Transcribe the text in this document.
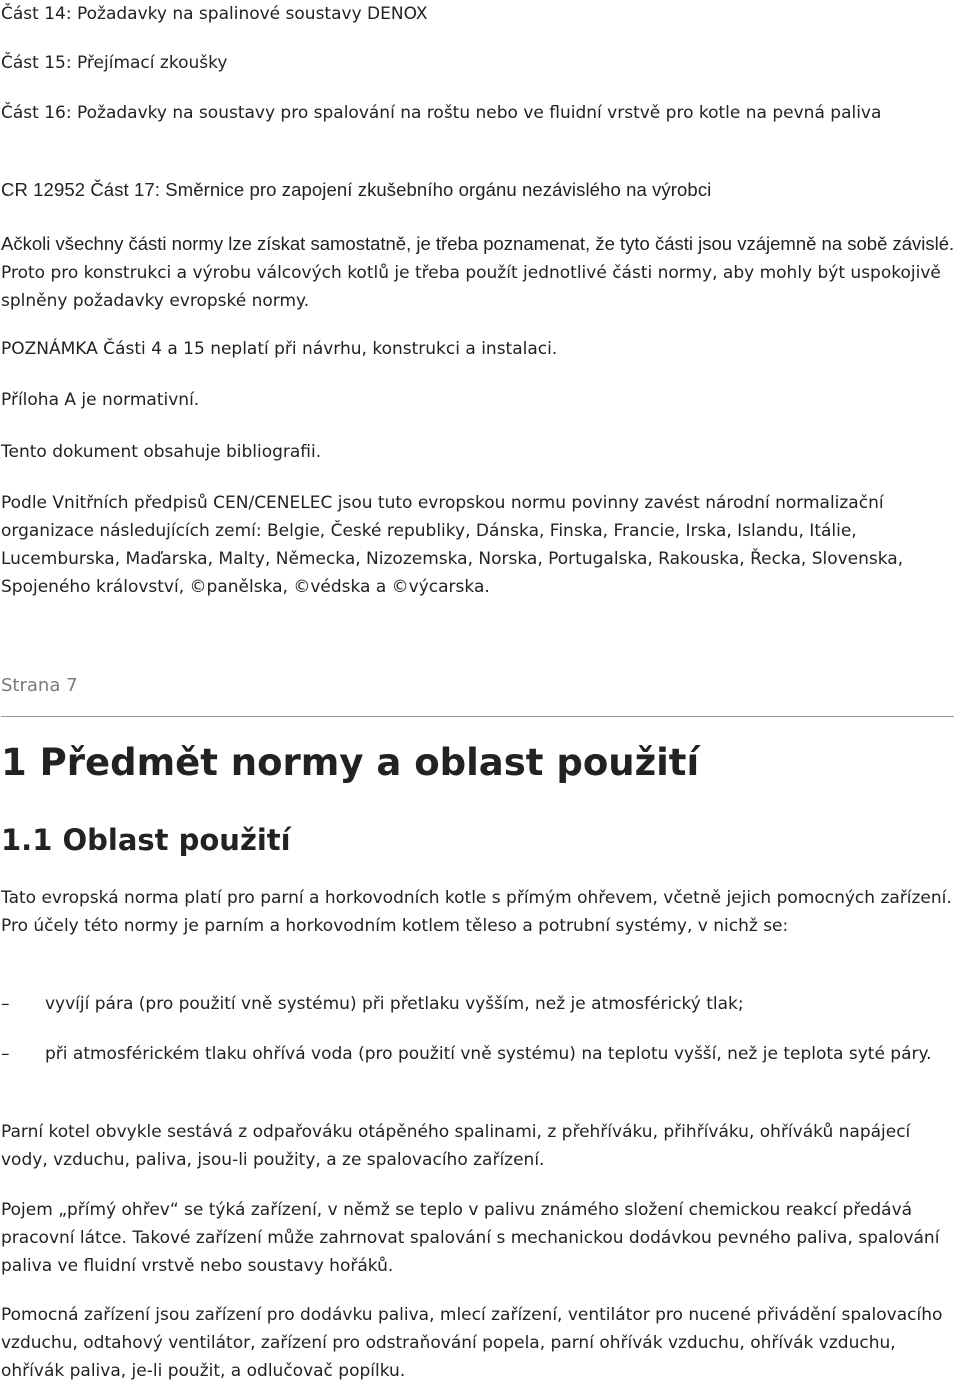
Část 14: Požadavky na spalinové soustavy DENOX

Část 15: Přejímací zkoušky

Část 16: Požadavky na soustavy pro spalování na roštu nebo ve fluidní vrstvě pro kotle na pevná paliva

CR 12952 Část 17: Směrnice pro zapojení zkušebního orgánu nezávislého na výrobci

Ačkoli všechny části normy lze získat samostatně, je třeba poznamenat, že tyto části jsou vzájemně na sobě závislé. Proto pro konstrukci a výrobu válcových kotlů je třeba použít jednotlivé části normy, aby mohly být uspokojivě splněny požadavky evropské normy.

POZNÁMKA Části 4 a 15 neplatí při návrhu, konstrukci a instalaci.

Příloha A je normativní.

Tento dokument obsahuje bibliografii.

Podle Vnitřních předpisů CEN/CENELEC jsou tuto evropskou normu povinny zavést národní normalizační organizace následujících zemí: Belgie, České republiky, Dánska, Finska, Francie, Irska, Islandu, Itálie, Lucemburska, Maďarska, Malty, Německa, Nizozemska, Norska, Portugalska, Rakouska, Řecka, Slovenska, Spojeného království, ©panělska, ©védska a ©výcarska.

Strana 7

1 Předmět normy a oblast použití
1.1 Oblast použití

Tato evropská norma platí pro parní a horkovodních kotle s přímým ohřevem, včetně jejich pomocných zařízení. Pro účely této normy je parním a horkovodním kotlem těleso a potrubní systémy, v nichž se:

– vyvíjí pára (pro použití vně systému) při přetlaku vyšším, než je atmosférický tlak;

– při atmosférickém tlaku ohřívá voda (pro použití vně systému) na teplotu vyšší, než je teplota syté páry.

Parní kotel obvykle sestává z odpařováku otápěného spalinami, z přehříváku, přihříváku, ohříváků napájecí vody, vzduchu, paliva, jsou-li použity, a ze spalovacího zařízení.

Pojem „přímý ohřev“ se týká zařízení, v němž se teplo v palivu známého složení chemickou reakcí předává pracovní látce. Takové zařízení může zahrnovat spalování s mechanickou dodávkou pevného paliva, spalování paliva ve fluidní vrstvě nebo soustavy hořáků.

Pomocná zařízení jsou zařízení pro dodávku paliva, mlecí zařízení, ventilátor pro nucené přivádění spalovacího vzduchu, odtahový ventilátor, zařízení pro odstraňování popela, parní ohřívák vzduchu, ohřívák vzduchu, ohřívák paliva, je-li použit, a odlučovač popílku.
